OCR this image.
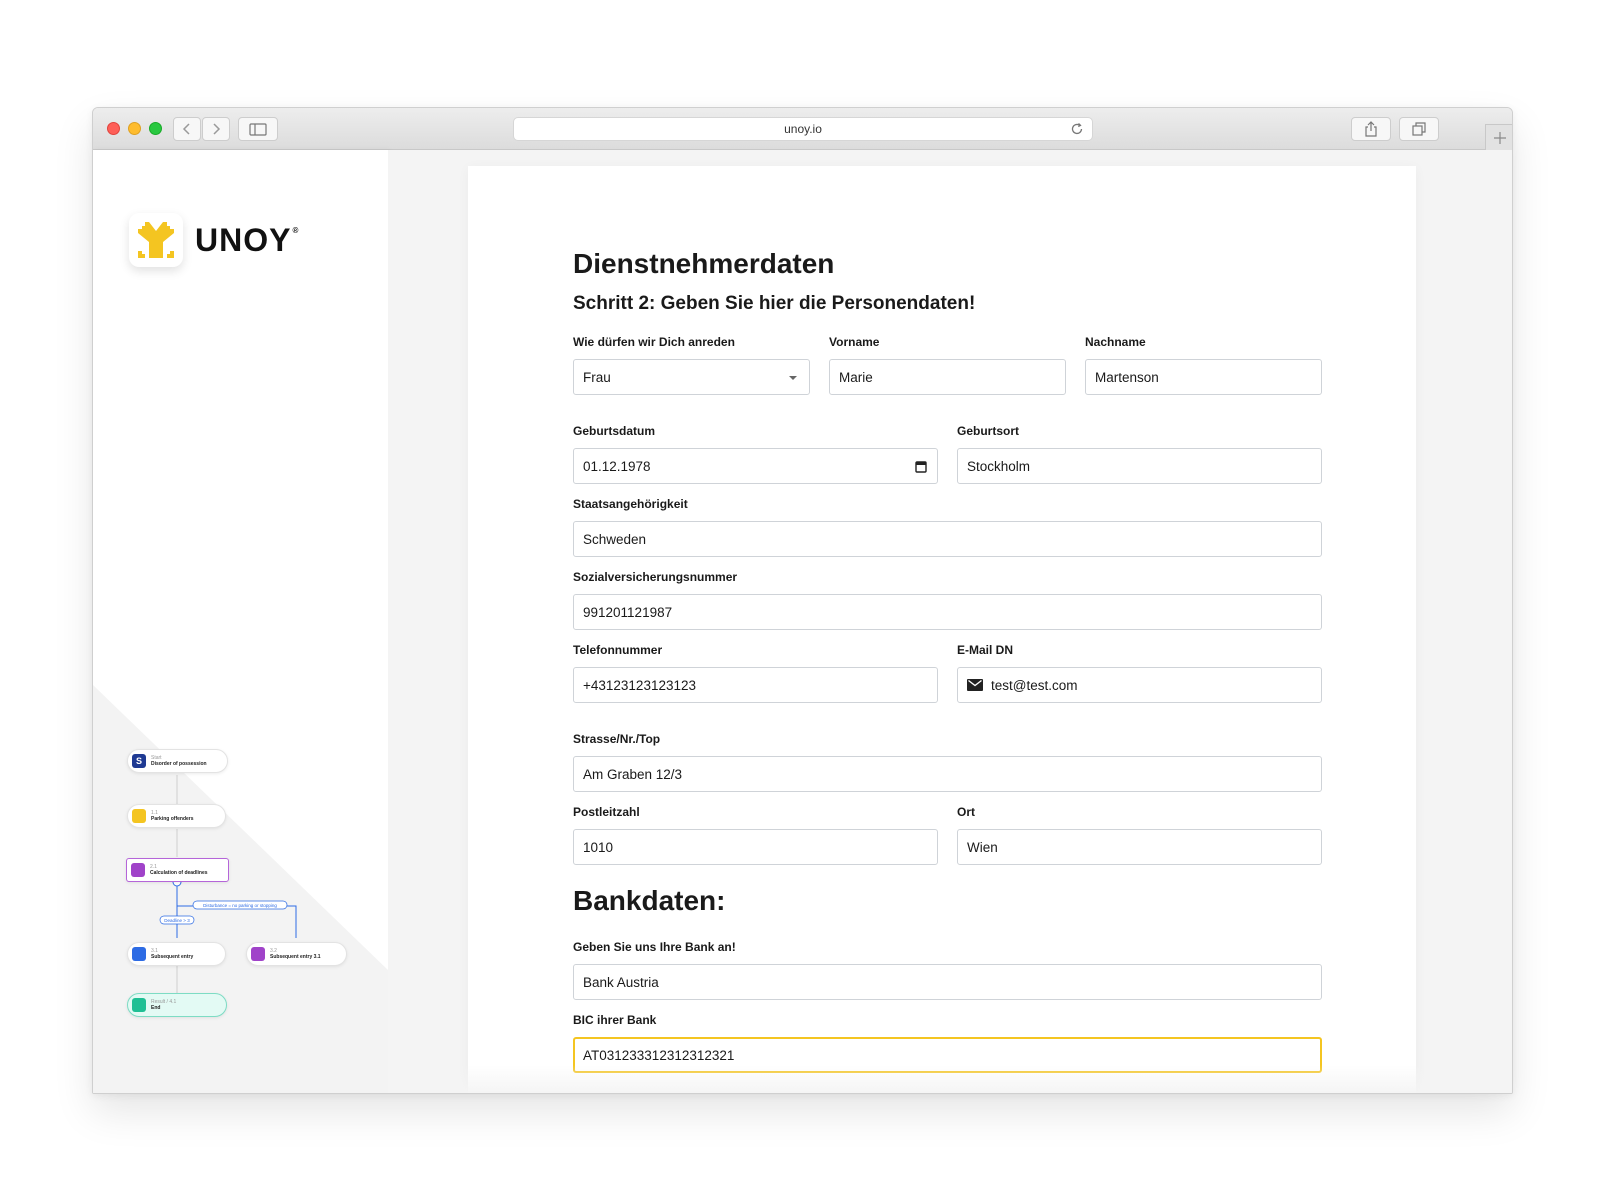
unoy.io
UNOY®
Disturbance = no parking or stopping
Deadline > 3
S	Start
Disorder of possession
1.1
Parking offenders
2.1
Calculation of deadlines
3.1
Subsequent entry
3.2
Subsequent entry 3.1
Result / 4.1
End
Dienstnehmerdaten
Schritt 2: Geben Sie hier die Personendaten!
Wie dürfen wir Dich anreden
Frau
Vorname
Marie
Nachname
Martenson
Geburtsdatum
01.12.1978
Geburtsort
Stockholm
Staatsangehörigkeit
Schweden
Sozialversicherungsnummer
991201121987
Telefonnummer
+43123123123123
E-Mail DN
test@test.com
Strasse/Nr./Top
Am Graben 12/3
Postleitzahl
1010
Ort
Wien
Bankdaten:
Geben Sie uns Ihre Bank an!
Bank Austria
BIC ihrer Bank
AT031233312312312321
